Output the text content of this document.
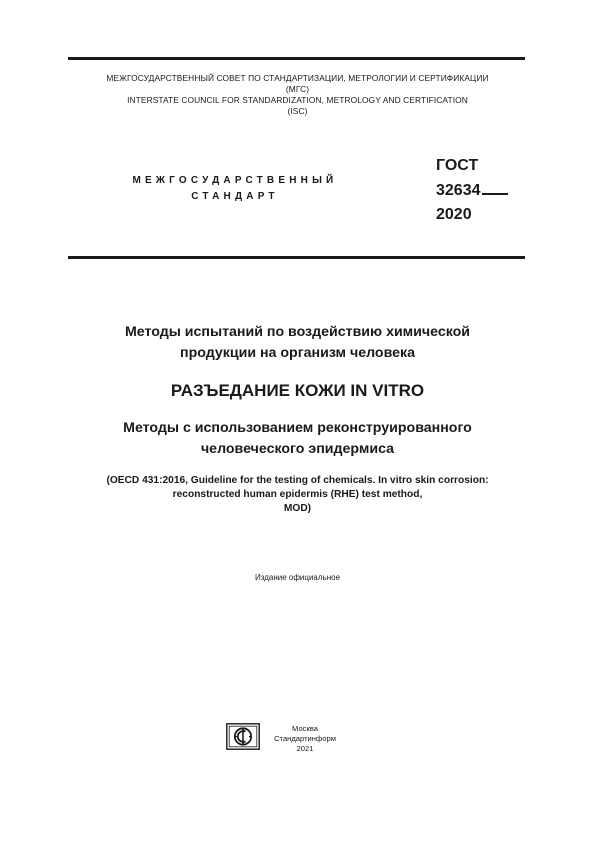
МЕЖГОСУДАРСТВЕННЫЙ СОВЕТ ПО СТАНДАРТИЗАЦИИ, МЕТРОЛОГИИ И СЕРТИФИКАЦИИ
(МГС)
INTERSTATE COUNCIL FOR STANDARDIZATION, METROLOGY AND CERTIFICATION
(ISC)
МЕЖГОСУДАРСТВЕННЫЙ
СТАНДАРТ
ГОСТ
32634
2020
Методы испытаний по воздействию химической
продукции на организм человека
РАЗЪЕДАНИЕ КОЖИ IN VITRO
Методы с использованием реконструированного
человеческого эпидермиса
(OECD 431:2016, Guideline for the testing of chemicals. In vitro skin corrosion:
reconstructed human epidermis (RHE) test method,
MOD)
Издание официальное
Москва
Стандартинформ
2021
